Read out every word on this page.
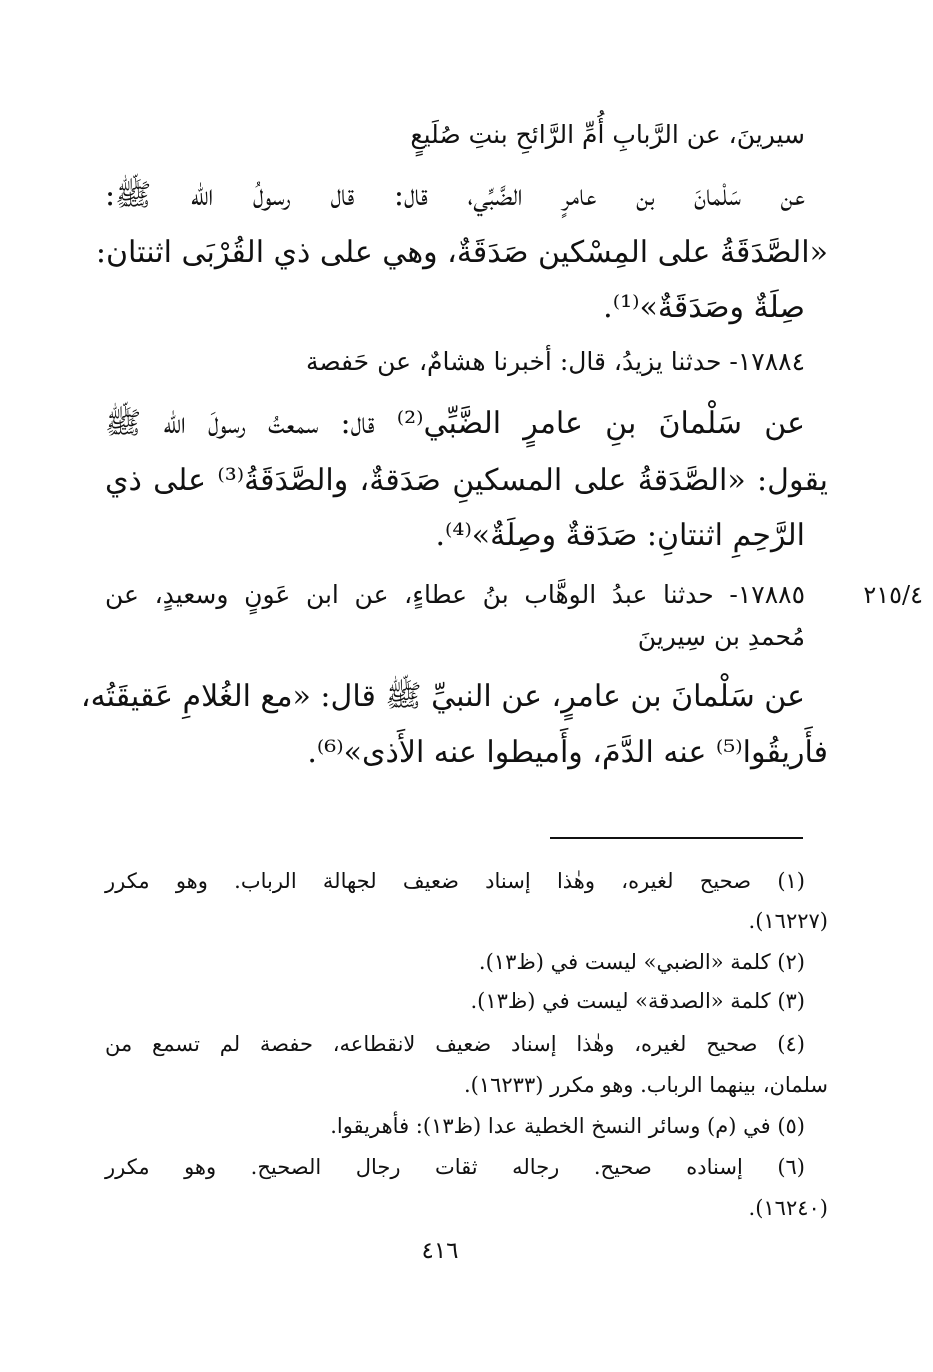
سيرينَ، عن الرَّبابِ أُمِّ الرَّائحِ بنتِ صُلَيعٍ
عن سَلْمانَ بن عامرٍ الضَّبِّي، قال: قال رسولُ الله ﷺ:
«الصَّدَقَةُ على المِسْكين صَدَقَةٌ، وهي على ذي القُرْبَى اثنتان:
صِلَةٌ وصَدَقَةٌ»⁽¹⁾.
١٧٨٨٤- حدثنا يزيدُ، قال: أخبرنا هشامٌ، عن حَفصة
عن سَلْمانَ بنِ عامرٍ الضَّبِّي⁽²⁾ قال: سمعتُ رسولَ الله ﷺ
يقول: «الصَّدَقةُ على المسكينِ صَدَقةٌ، والصَّدَقَةُ⁽³⁾ على ذي
الرَّحِمِ اثنتانِ: صَدَقةٌ وصِلَةٌ»⁽⁴⁾.
٢١٥/٤
١٧٨٨٥- حدثنا عبدُ الوهَّاب بنُ عطاءٍ، عن ابن عَونٍ وسعيدٍ، عن
مُحمدِ بن سِيرينَ
عن سَلْمانَ بن عامرٍ، عن النبيِّ ﷺ قال: «مع الغُلامِ عَقيقَتُه،
فأَريقُوا⁽⁵⁾ عنه الدَّمَ، وأَميطوا عنه الأَذى»⁽⁶⁾.
(١) صحيح لغيره، وهٰذا إسناد ضعيف لجهالة الرباب. وهو مكرر
(١٦٢٢٧).
(٢) كلمة «الضبي» ليست في (ظ١٣).
(٣) كلمة «الصدقة» ليست في (ظ١٣).
(٤) صحيح لغيره، وهٰذا إسناد ضعيف لانقطاعه، حفصة لم تسمع من
سلمان، بينهما الرباب. وهو مكرر (١٦٢٣٣).
(٥) في (م) وسائر النسخ الخطية عدا (ظ١٣): فأهريقوا.
(٦) إسناده صحيح. رجاله ثقات رجال الصحيح. وهو مكرر
(١٦٢٤٠).
٤١٦
